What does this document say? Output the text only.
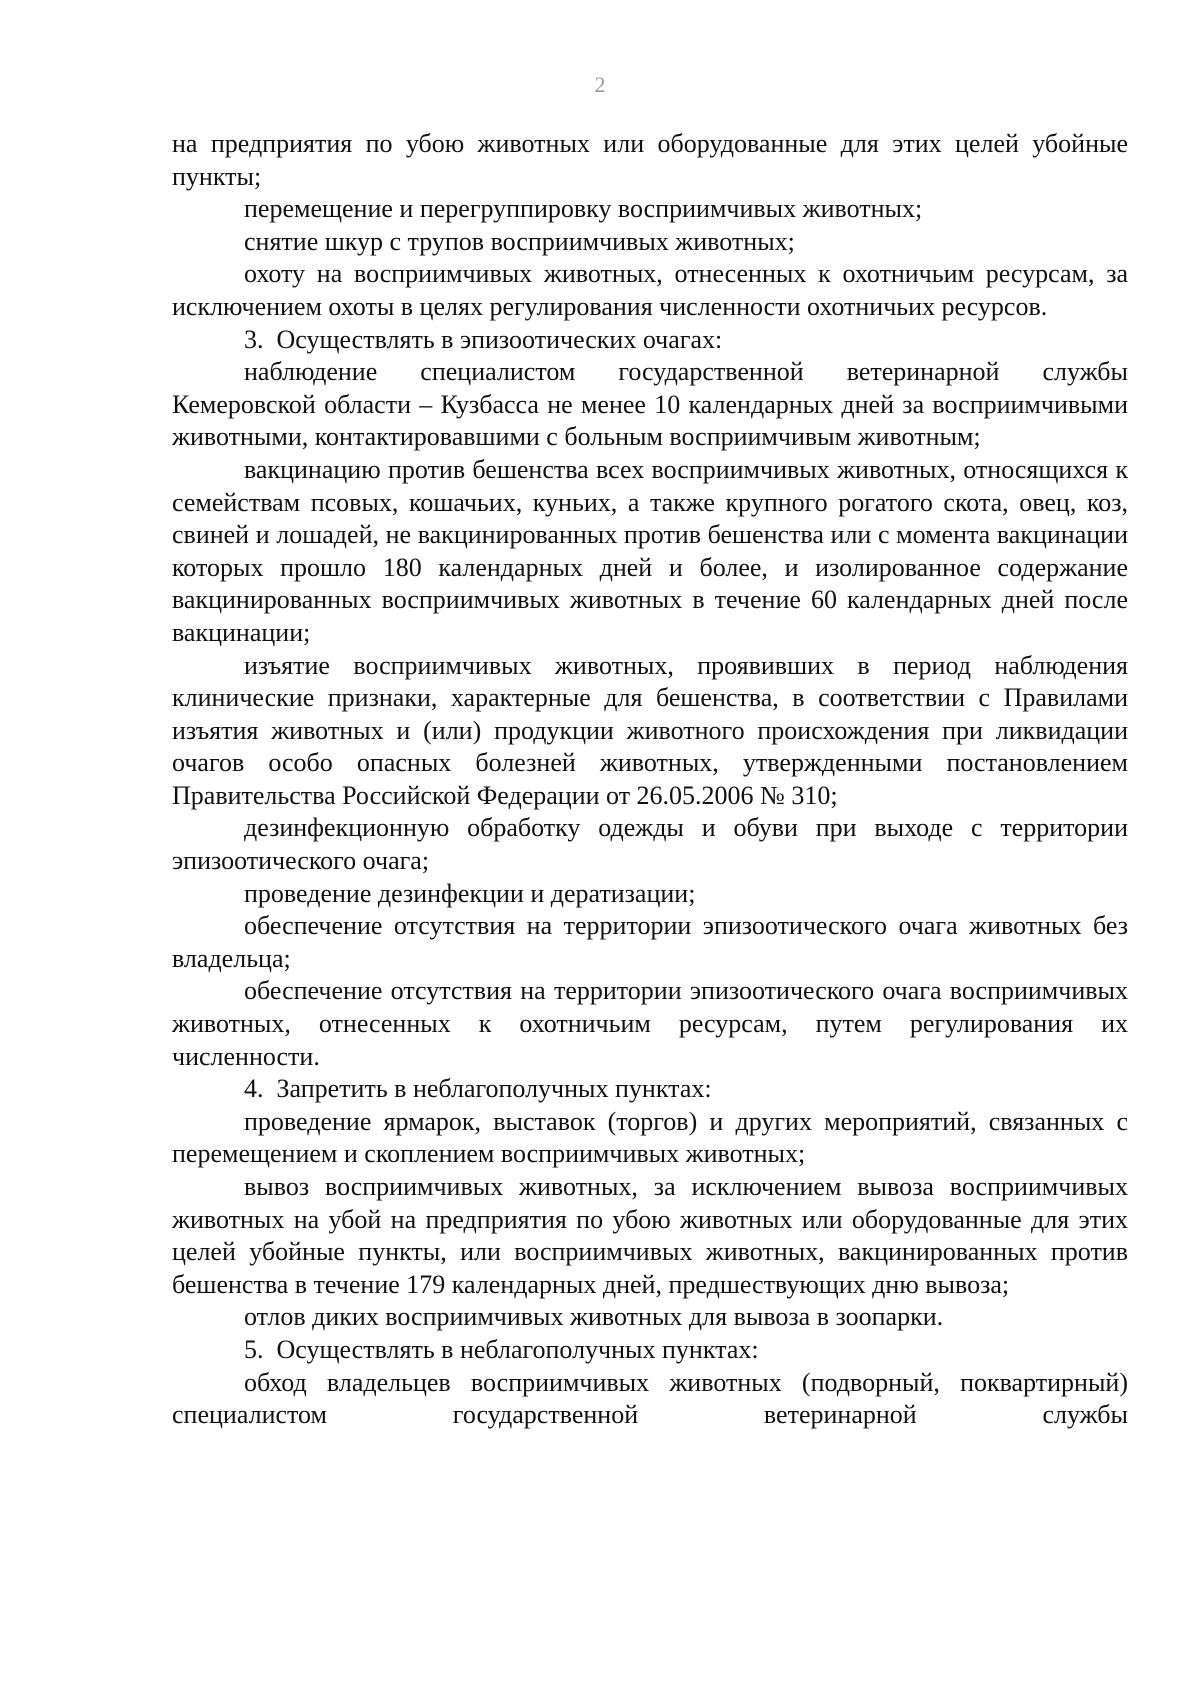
2

на предприятия по убою животных или оборудованные для этих целей убойные пункты;

перемещение и перегруппировку восприимчивых животных;

снятие шкур с трупов восприимчивых животных;

охоту на восприимчивых животных, отнесенных к охотничьим ресурсам, за исключением охоты в целях регулирования численности охотничьих ресурсов.

3. Осуществлять в эпизоотических очагах:

наблюдение специалистом государственной ветеринарной службы Кемеровской области – Кузбасса не менее 10 календарных дней за восприимчивыми животными, контактировавшими с больным восприимчивым животным;

вакцинацию против бешенства всех восприимчивых животных, относящихся к семействам псовых, кошачьих, куньих, а также крупного рогатого скота, овец, коз, свиней и лошадей, не вакцинированных против бешенства или с момента вакцинации которых прошло 180 календарных дней и более, и изолированное содержание вакцинированных восприимчивых животных в течение 60 календарных дней после вакцинации;

изъятие восприимчивых животных, проявивших в период наблюдения клинические признаки, характерные для бешенства, в соответствии с Правилами изъятия животных и (или) продукции животного происхождения при ликвидации очагов особо опасных болезней животных, утвержденными постановлением Правительства Российской Федерации от 26.05.2006 № 310;

дезинфекционную обработку одежды и обуви при выходе с территории эпизоотического очага;

проведение дезинфекции и дератизации;

обеспечение отсутствия на территории эпизоотического очага животных без владельца;

обеспечение отсутствия на территории эпизоотического очага восприимчивых животных, отнесенных к охотничьим ресурсам, путем регулирования их численности.

4. Запретить в неблагополучных пунктах:

проведение ярмарок, выставок (торгов) и других мероприятий, связанных с перемещением и скоплением восприимчивых животных;

вывоз восприимчивых животных, за исключением вывоза восприимчивых животных на убой на предприятия по убою животных или оборудованные для этих целей убойные пункты, или восприимчивых животных, вакцинированных против бешенства в течение 179 календарных дней, предшествующих дню вывоза;

отлов диких восприимчивых животных для вывоза в зоопарки.

5. Осуществлять в неблагополучных пунктах:

обход владельцев восприимчивых животных (подворный, поквартирный) специалистом государственной ветеринарной службы
